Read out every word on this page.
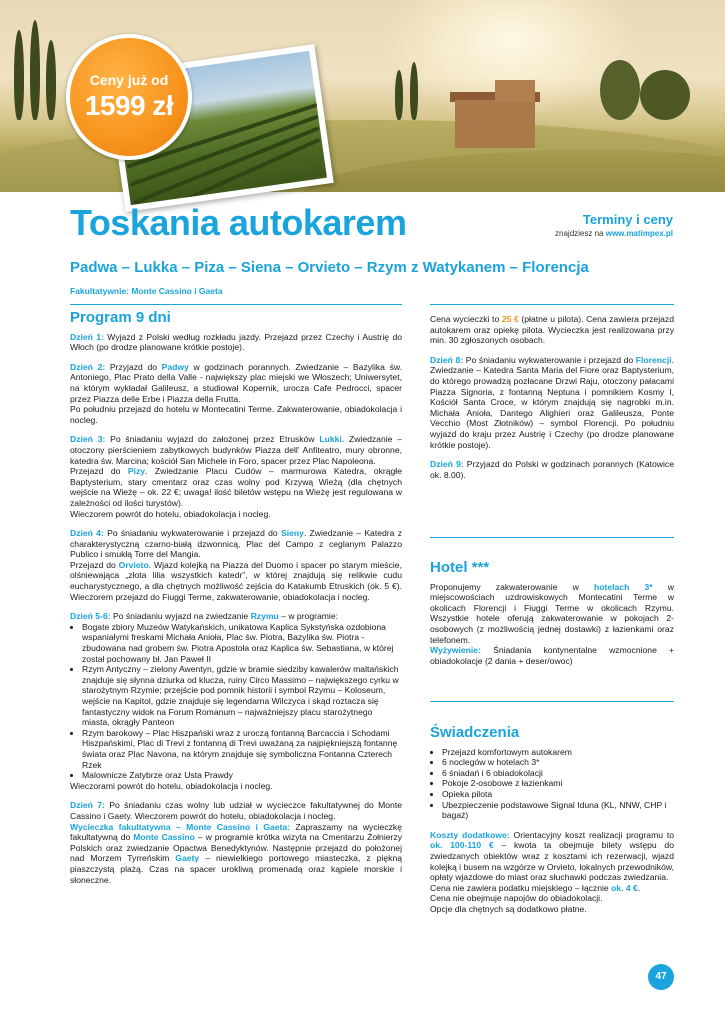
Ceny już od
1599 zł
Toskania autokarem	Terminy i ceny
znajdziesz na www.matimpex.pl
Padwa – Lukka – Piza – Siena – Orvieto – Rzym z Watykanem – Florencja
Fakultatywnie: Monte Cassino i Gaeta
Program 9 dni

Dzień 1: Wyjazd z Polski według rozkładu jazdy. Przejazd przez Czechy i Austrię do Włoch (po drodze planowane krótkie postoje).

Dzień 2: Przyjazd do Padwy w godzinach porannych. Zwiedzanie – Bazylika św. Antoniego, Plac Prato della Valle - największy plac miejski we Włoszech; Uniwersytet, na którym wykładał Galileusz, a studiował Kopernik, urocza Cafe Pedrocci, spacer przez Piazza delle Erbe i Piazza della Frutta.
Po południu przejazd do hotelu w Montecatini Terme. Zakwaterowanie, obiadokolacja i nocleg.

Dzień 3: Po śniadaniu wyjazd do założonej przez Etrusków Lukki. Zwiedzanie – otoczony pierścieniem zabytkowych budynków Piazza dell’ Anfiteatro, mury obronne, katedra św. Marcina; kościół San Michele in Foro, spacer przez Plac Napoleona.
Przejazd do Pizy. Zwiedzanie Placu Cudów – marmurowa Katedra, okrągłe Baptysterium, stary cmentarz oraz czas wolny pod Krzywą Wieżą (dla chętnych wejście na Wieżę – ok. 22 €; uwaga! ilość biletów wstępu na Wieżę jest regulowana w zależności od ilości turystów).
Wieczorem powrót do hotelu, obiadokolacja i nocleg.

Dzień 4: Po śniadaniu wykwaterowanie i przejazd do Sieny. Zwiedzanie – Katedra z charakterystyczną czarno-białą dzwonnicą, Plac del Campo z ceglanym Palazzo Publico i smukłą Torre del Mangia.
Przejazd do Orvieto. Wjazd kolejką na Piazza del Duomo i spacer po starym mieście, olśniewająca „złota lilia wszystkich katedr”, w której znajdują się relikwie cudu eucharystycznego, a dla chętnych możliwość zejścia do Katakumb Etruskich (ok. 5 €). Wieczorem przejazd do Fiuggi Terme, zakwaterowanie, obiadokolacja i nocleg.

Dzień 5-6: Po śniadaniu wyjazd na zwiedzanie Rzymu – w programie:

• Bogate zbiory Muzeów Watykańskich, unikatowa Kaplica Sykstyńska ozdobiona wspaniałymi freskami Michała Anioła, Plac św. Piotra, Bazylika św. Piotra - zbudowana nad grobem św. Piotra Apostoła oraz Kaplica św. Sebastiana, w której został pochowany bł. Jan Paweł II
• Rzym Antyczny – zielony Awentyn, gdzie w bramie siedziby kawalerów maltańskich znajduje się słynna dziurka od klucza, ruiny Circo Massimo – największego cyrku w starożytnym Rzymie; przejście pod pomnik historii i symbol Rzymu – Koloseum, wejście na Kapitol, gdzie znajduje się legendarna Wilczyca i skąd roztacza się fantastyczny widok na Forum Romanum – najważniejszy placu starożytnego miasta, okrągły Panteon
• Rzym barokowy – Plac Hiszpański wraz z uroczą fontanną Barcaccia i Schodami Hiszpańskimi, Plac di Trevi z fontanną di Trevi uważaną za najpiękniejszą fontannę świata oraz Plac Navona, na którym znajduje się symboliczna Fontanna Czterech Rzek
• Malownicze Zatybrze oraz Usta Prawdy

Wieczorami powrót do hotelu, obiadokolacja i nocleg.

Dzień 7: Po śniadaniu czas wolny lub udział w wycieczce fakultatywnej do Monte Cassino i Gaety. Wieczorem powrót do hotelu, obiadokolacja i nocleg.
Wycieczka fakultatywna – Monte Cassino i Gaeta: Zapraszamy na wycieczkę fakultatywną do Monte Cassino – w programie krótka wizyta na Cmentarzu Żołnierzy Polskich oraz zwiedzanie Opactwa Benedyktynów. Następnie przejazd do położonej nad Morzem Tyrreńskim Gaety – niewielkiego portowego miasteczka, z piękną piaszczystą plażą. Czas na spacer urokliwą promenadą oraz kąpiele morskie i słoneczne.

Cena wycieczki to 25 € (płatne u pilota). Cena zawiera przejazd autokarem oraz opiekę pilota. Wycieczka jest realizowana przy min. 30 zgłoszonych osobach.

Dzień 8: Po śniadaniu wykwaterowanie i przejazd do Florencji. Zwiedzanie – Katedra Santa Maria del Fiore oraz Baptysterium, do którego prowadzą pozłacane Drzwi Raju, otoczony pałacami Piazza Signoria, z fontanną Neptuna i pomnikiem Kosmy I, Kościół Santa Croce, w którym znajdują się nagrobki m.in. Michała Anioła, Dantego Alighieri oraz Galileusza, Ponte Vecchio (Most Złotników) – symbol Florencji. Po południu wyjazd do kraju przez Austrię i Czechy (po drodze planowane krótkie postoje).

Dzień 9: Przyjazd do Polski w godzinach porannych (Katowice ok. 8.00).

Hotel ***

Proponujemy zakwaterowanie w hotelach 3* w miejscowościach uzdrowiskowych Montecatini Terme w okolicach Florencji i Fiuggi Terme w okolicach Rzymu. Wszystkie hotele oferują zakwaterowanie w pokojach 2-osobowych (z możliwością jednej dostawki) z łazienkami oraz telefonem.
Wyżywienie: Śniadania kontynentalne wzmocnione + obiadokolacje (2 dania + deser/owoc)

Świadczenia
• Przejazd komfortowym autokarem
• 6 noclegów w hotelach 3*
• 6 śniadań i 6 obiadokolacji
• Pokoje 2-osobowe z łazienkami
• Opieka pilota
• Ubezpieczenie podstawowe Signal Iduna (KL, NNW, CHP i bagaż)

Koszty dodatkowe: Orientacyjny koszt realizacji programu to ok. 100-110 € – kwota ta obejmuje bilety wstępu do zwiedzanych obiektów wraz z kosztami ich rezerwacji, wjazd kolejką i busem na wzgórze w Orvieto, lokalnych przewodników, opłaty wjazdowe do miast oraz słuchawki podczas zwiedzania.
Cena nie zawiera podatku miejskiego – łącznie ok. 4 €.
Cena nie obejmuje napojów do obiadokolacji.
Opcje dla chętnych są dodatkowo płatne.

47
